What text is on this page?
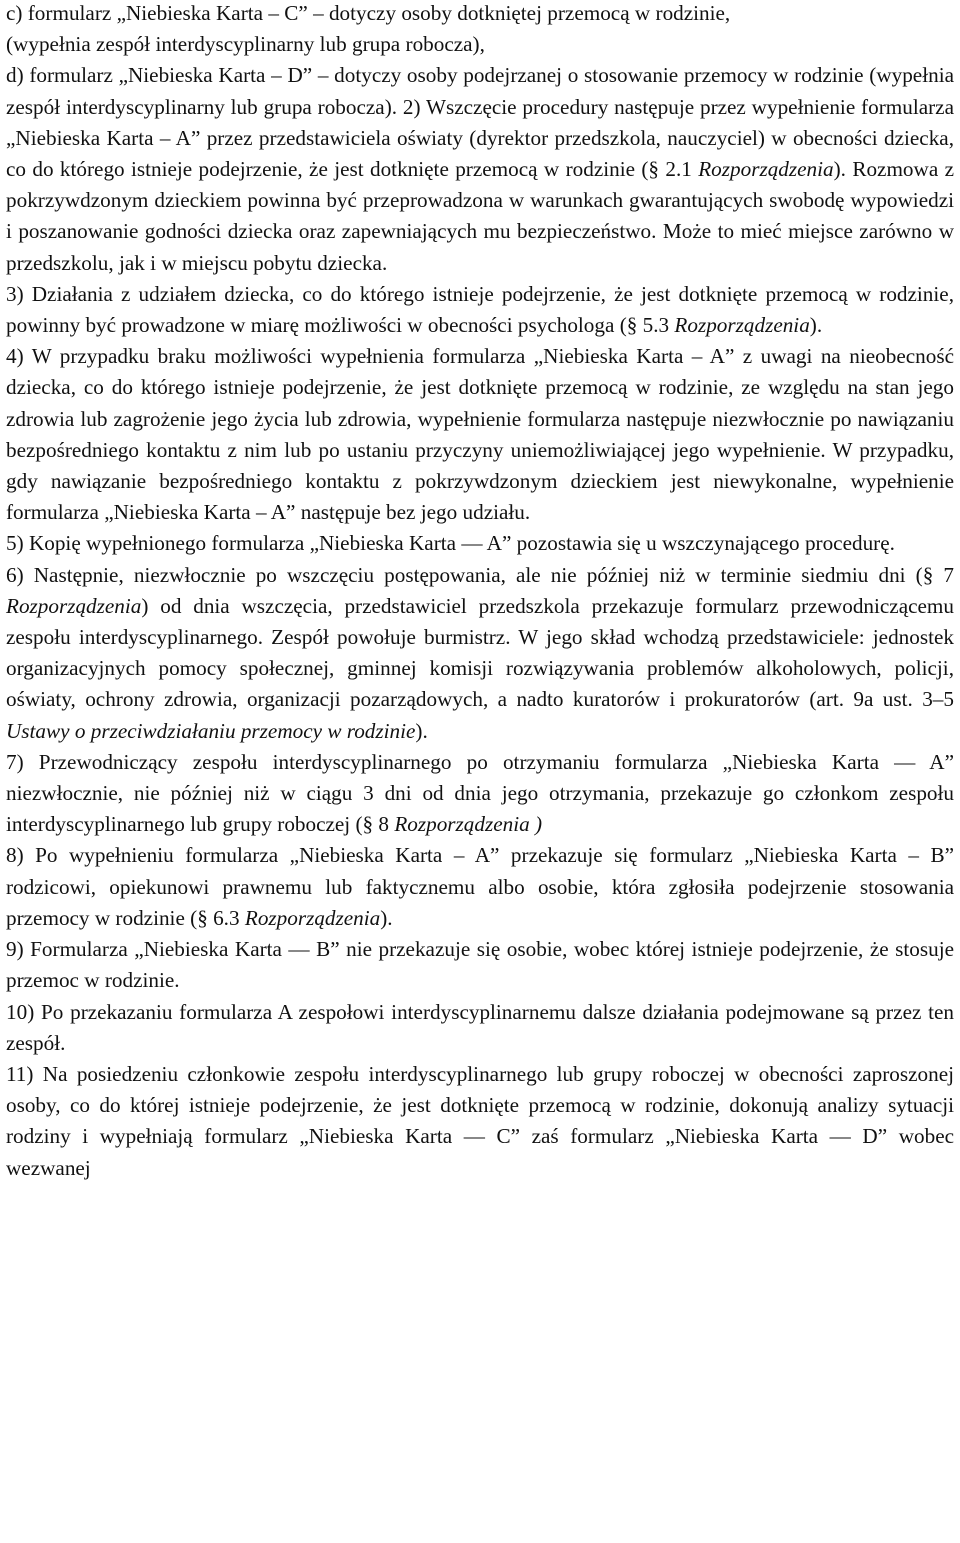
c) formularz „Niebieska Karta – C” – dotyczy osoby dotkniętej przemocą w rodzinie,

(wypełnia zespół interdyscyplinarny lub grupa robocza),

d) formularz „Niebieska Karta – D” – dotyczy osoby podejrzanej o stosowanie przemocy w rodzinie (wypełnia zespół interdyscyplinarny lub grupa robocza). 2) Wszczęcie procedury następuje przez wypełnienie formularza „Niebieska Karta – A” przez przedstawiciela oświaty (dyrektor przedszkola, nauczyciel) w obecności dziecka, co do którego istnieje podejrzenie, że jest dotknięte przemocą w rodzinie (§ 2.1 Rozporządzenia). Rozmowa z pokrzywdzonym dzieckiem powinna być przeprowadzona w warunkach gwarantujących swobodę wypowiedzi i poszanowanie godności dziecka oraz zapewniających mu bezpieczeństwo. Może to mieć miejsce zarówno w przedszkolu, jak i w miejscu pobytu dziecka.

3) Działania z udziałem dziecka, co do którego istnieje podejrzenie, że jest dotknięte przemocą w rodzinie, powinny być prowadzone w miarę możliwości w obecności psychologa (§ 5.3 Rozporządzenia).

4) W przypadku braku możliwości wypełnienia formularza „Niebieska Karta – A” z uwagi na nieobecność dziecka, co do którego istnieje podejrzenie, że jest dotknięte przemocą w rodzinie, ze względu na stan jego zdrowia lub zagrożenie jego życia lub zdrowia, wypełnienie formularza następuje niezwłocznie po nawiązaniu bezpośredniego kontaktu z nim lub po ustaniu przyczyny uniemożliwiającej jego wypełnienie. W przypadku, gdy nawiązanie bezpośredniego kontaktu z pokrzywdzonym dzieckiem jest niewykonalne, wypełnienie formularza „Niebieska Karta – A” następuje bez jego udziału.

5) Kopię wypełnionego formularza „Niebieska Karta — A” pozostawia się u wszczynającego procedurę.

6) Następnie, niezwłocznie po wszczęciu postępowania, ale nie później niż w terminie siedmiu dni (§ 7 Rozporządzenia) od dnia wszczęcia, przedstawiciel przedszkola przekazuje formularz przewodniczącemu zespołu interdyscyplinarnego. Zespół powołuje burmistrz. W jego skład wchodzą przedstawiciele: jednostek organizacyjnych pomocy społecznej, gminnej komisji rozwiązywania problemów alkoholowych, policji, oświaty, ochrony zdrowia, organizacji pozarządowych, a nadto kuratorów i prokuratorów (art. 9a ust. 3–5 Ustawy o przeciwdziałaniu przemocy w rodzinie).

7) Przewodniczący zespołu interdyscyplinarnego po otrzymaniu formularza „Niebieska Karta — A” niezwłocznie, nie później niż w ciągu 3 dni od dnia jego otrzymania, przekazuje go członkom zespołu interdyscyplinarnego lub grupy roboczej (§ 8 Rozporządzenia )

8) Po wypełnieniu formularza „Niebieska Karta – A” przekazuje się formularz „Niebieska Karta – B” rodzicowi, opiekunowi prawnemu lub faktycznemu albo osobie, która zgłosiła podejrzenie stosowania przemocy w rodzinie (§ 6.3 Rozporządzenia).

9) Formularza „Niebieska Karta — B” nie przekazuje się osobie, wobec której istnieje podejrzenie, że stosuje przemoc w rodzinie.

10) Po przekazaniu formularza A zespołowi interdyscyplinarnemu dalsze działania podejmowane są przez ten zespół.

11) Na posiedzeniu członkowie zespołu interdyscyplinarnego lub grupy roboczej w obecności zaproszonej osoby, co do której istnieje podejrzenie, że jest dotknięte przemocą w rodzinie, dokonują analizy sytuacji rodziny i wypełniają formularz „Niebieska Karta — C” zaś formularz „Niebieska Karta — D” wobec wezwanej
